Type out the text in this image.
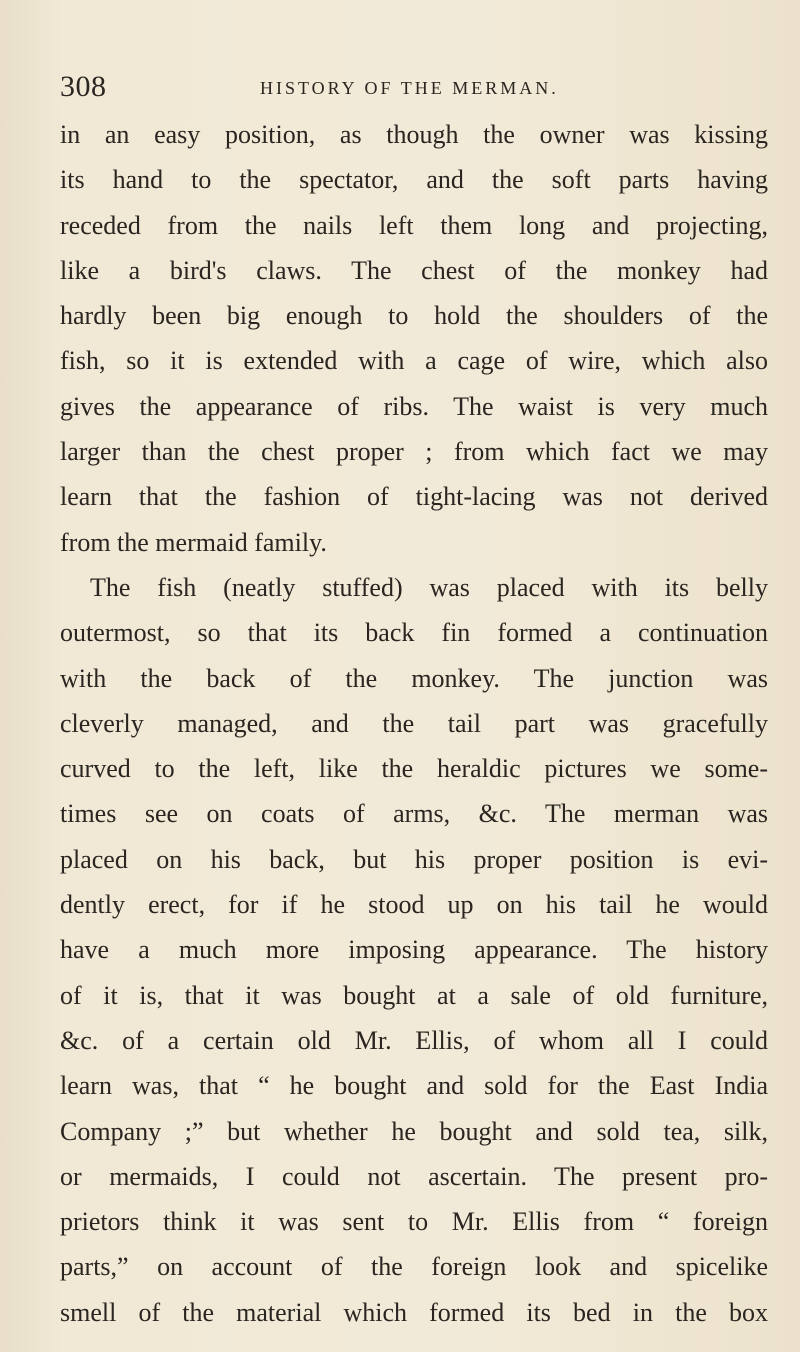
308	HISTORY OF THE MERMAN.
in an easy position, as though the owner was kissing
its hand to the spectator, and the soft parts having
receded from the nails left them long and projecting,
like a bird's claws. The chest of the monkey had
hardly been big enough to hold the shoulders of the
fish, so it is extended with a cage of wire, which also
gives the appearance of ribs. The waist is very much
larger than the chest proper ; from which fact we may
learn that the fashion of tight-lacing was not derived
from the mermaid family.
The fish (neatly stuffed) was placed with its belly
outermost, so that its back fin formed a continuation
with the back of the monkey. The junction was
cleverly managed, and the tail part was gracefully
curved to the left, like the heraldic pictures we some-
times see on coats of arms, &c. The merman was
placed on his back, but his proper position is evi-
dently erect, for if he stood up on his tail he would
have a much more imposing appearance. The history
of it is, that it was bought at a sale of old furniture,
&c. of a certain old Mr. Ellis, of whom all I could
learn was, that “ he bought and sold for the East India
Company ;” but whether he bought and sold tea, silk,
or mermaids, I could not ascertain. The present pro-
prietors think it was sent to Mr. Ellis from “ foreign
parts,” on account of the foreign look and spicelike
smell of the material which formed its bed in the box
